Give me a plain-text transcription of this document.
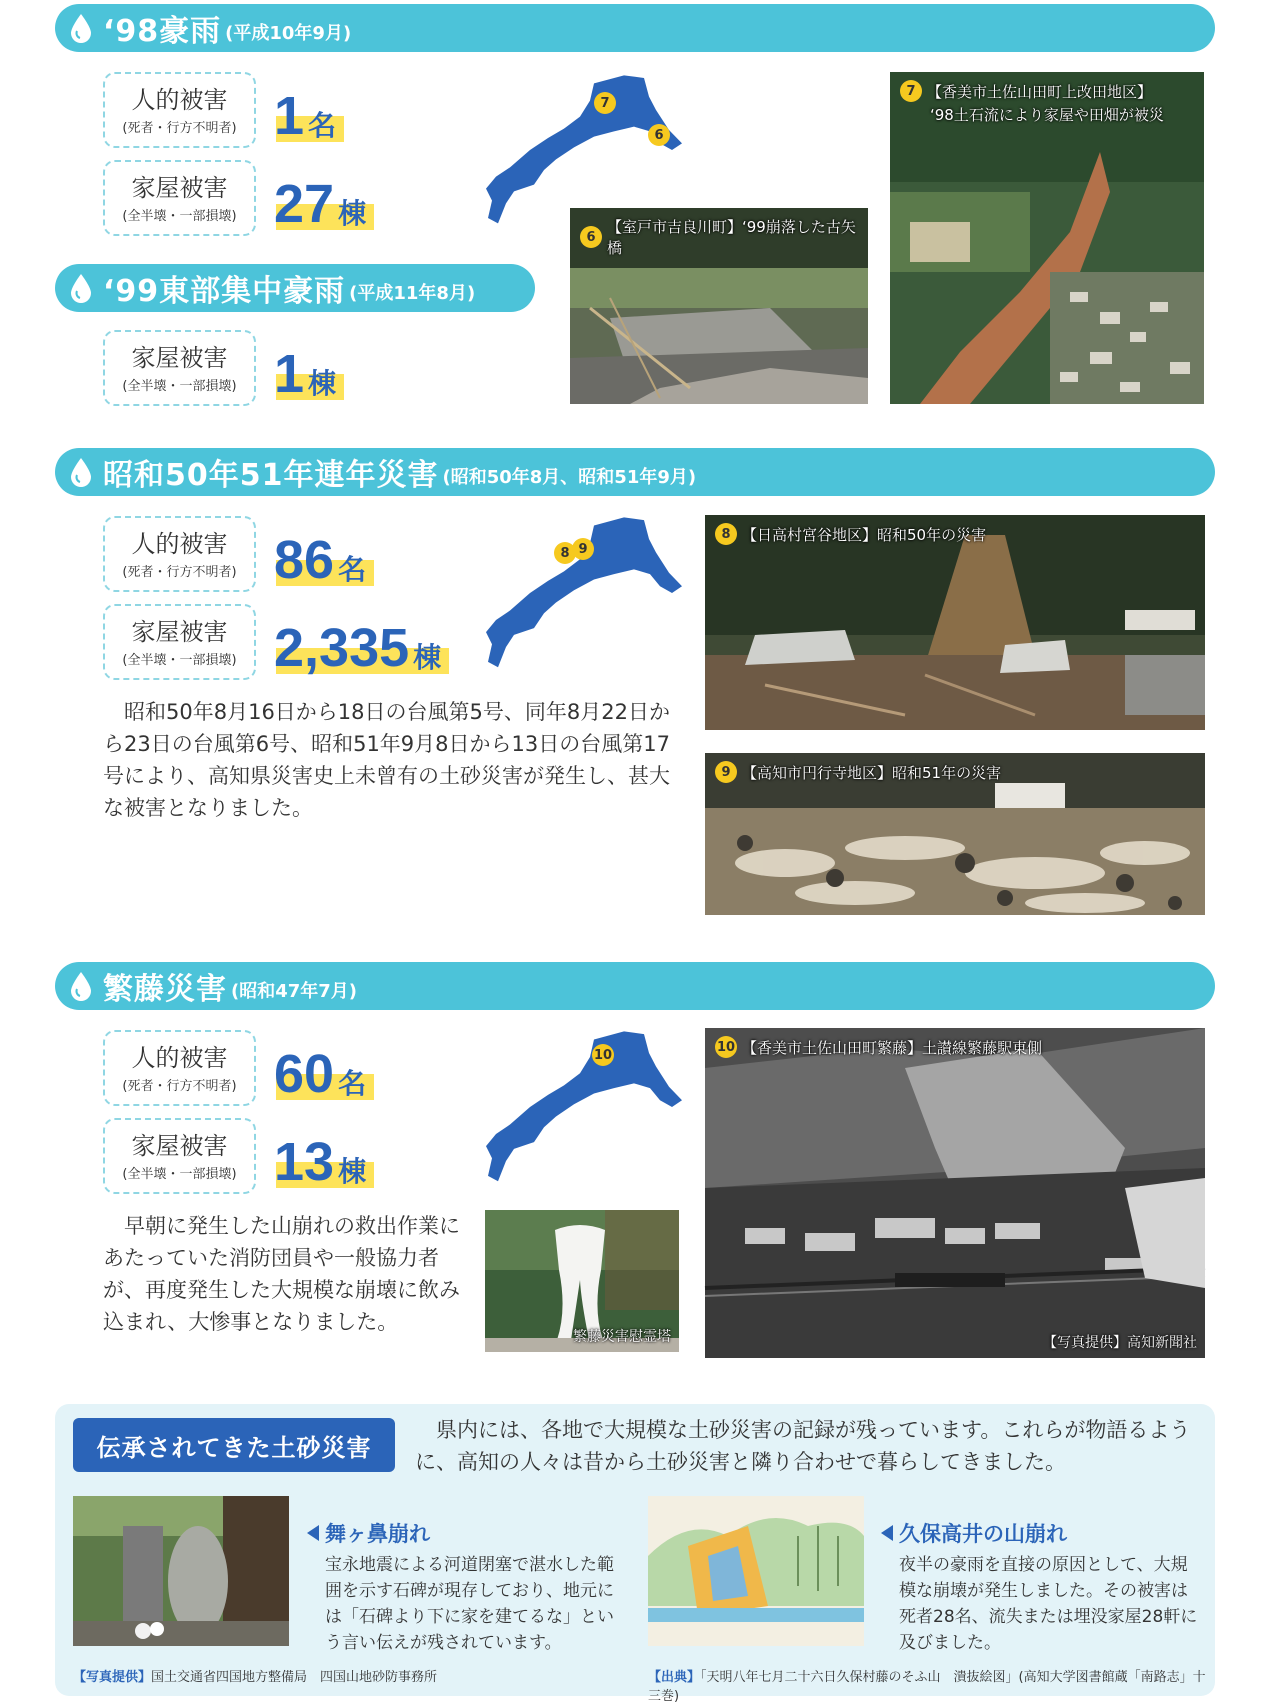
‘98豪雨 (平成10年9月)
人的被害
(死者・行方不明者) 1 名
家屋被害
(全半壊・一部損壊) 27 棟
7
6
6
【室戸市吉良川町】‘99崩落した古矢橋
7 【香美市土佐山田町上改田地区】
‘98土石流により家屋や田畑が被災
‘99東部集中豪雨 (平成11年8月)
家屋被害
(全半壊・一部損壊) 1 棟
昭和50年51年連年災害 (昭和50年8月、昭和51年9月)
人的被害
(死者・行方不明者) 86 名
家屋被害
(全半壊・一部損壊) 2,335 棟
8 9

昭和50年8月16日から18日の台風第5号、同年8月22日から23日の台風第6号、昭和51年9月8日から13日の台風第17号により、高知県災害史上未曾有の土砂災害が発生し、甚大な被害となりました。

8 【日高村宮谷地区】昭和50年の災害
9 【高知市円行寺地区】昭和51年の災害
繁藤災害 (昭和47年7月)
人的被害
(死者・行方不明者) 60 名
家屋被害
(全半壊・一部損壊) 13 棟
10

早朝に発生した山崩れの救出作業にあたっていた消防団員や一般協力者が、再度発生した大規模な崩壊に飲み込まれ、大惨事となりました。

繁藤災害慰霊塔
10 【香美市土佐山田町繁藤】土讃線繁藤駅東側
【写真提供】高知新聞社
伝承されてきた土砂災害

県内には、各地で大規模な土砂災害の記録が残っています。これらが物語るように、高知の人々は昔から土砂災害と隣り合わせで暮らしてきました。

舞ヶ鼻崩れ

宝永地震による河道閉塞で湛水した範囲を示す石碑が現存しており、地元には「石碑より下に家を建てるな」という言い伝えが残されています。

久保高井の山崩れ

夜半の豪雨を直接の原因として、大規模な崩壊が発生しました。その被害は死者28名、流失または埋没家屋28軒に及びました。

【写真提供】国土交通省四国地方整備局　四国山地砂防事務所	【出典】「天明八年七月二十六日久保村藤のそふ山　潰抜絵図」(高知大学図書館蔵「南路志」十三巻)
